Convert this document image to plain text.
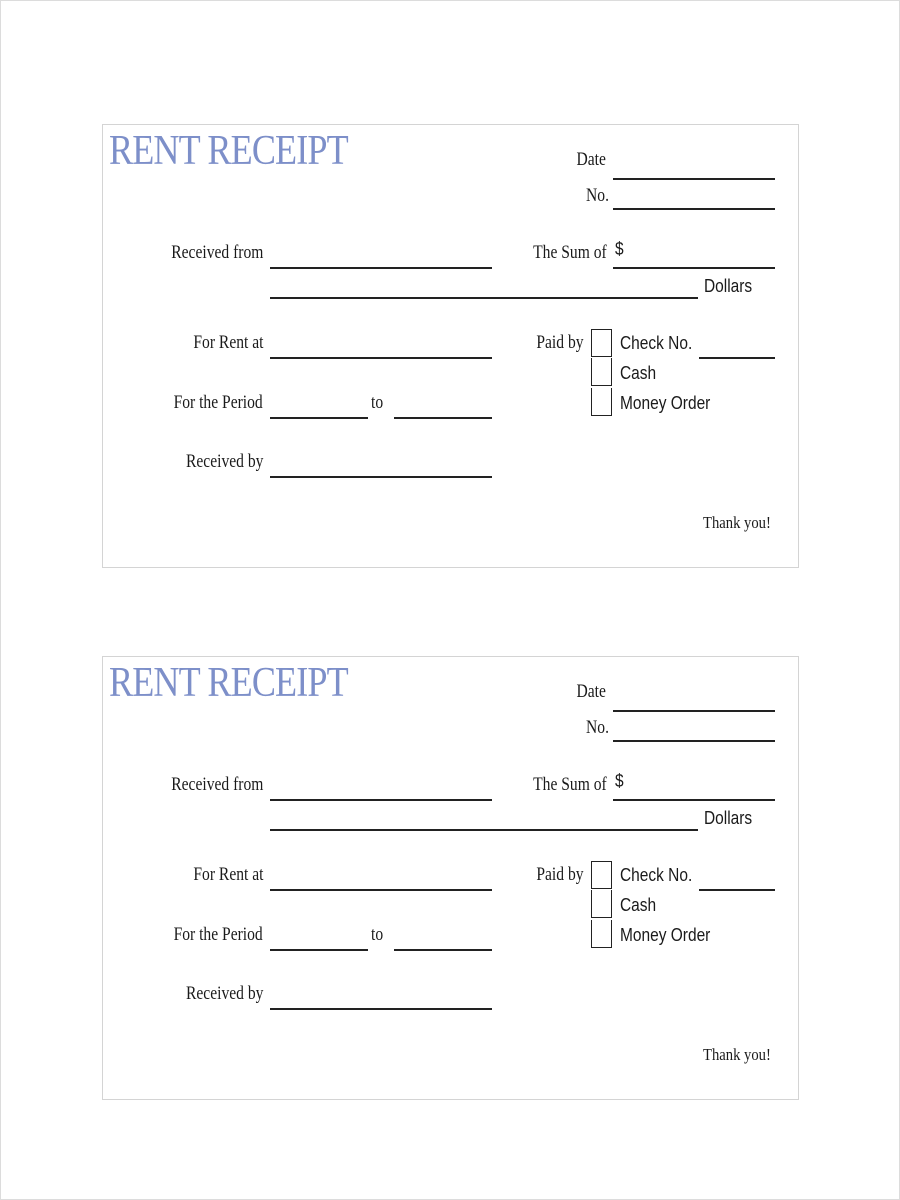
RENT RECEIPT	Date
No.
Received from	The Sum of $
Dollars
For Rent at	Paid by Check No.
Cash
Money Order
For the Period	to
Received by
Thank you!
RENT RECEIPT	Date
No.
Received from	The Sum of $
Dollars
For Rent at	Paid by Check No.
Cash
Money Order
For the Period	to
Received by
Thank you!
